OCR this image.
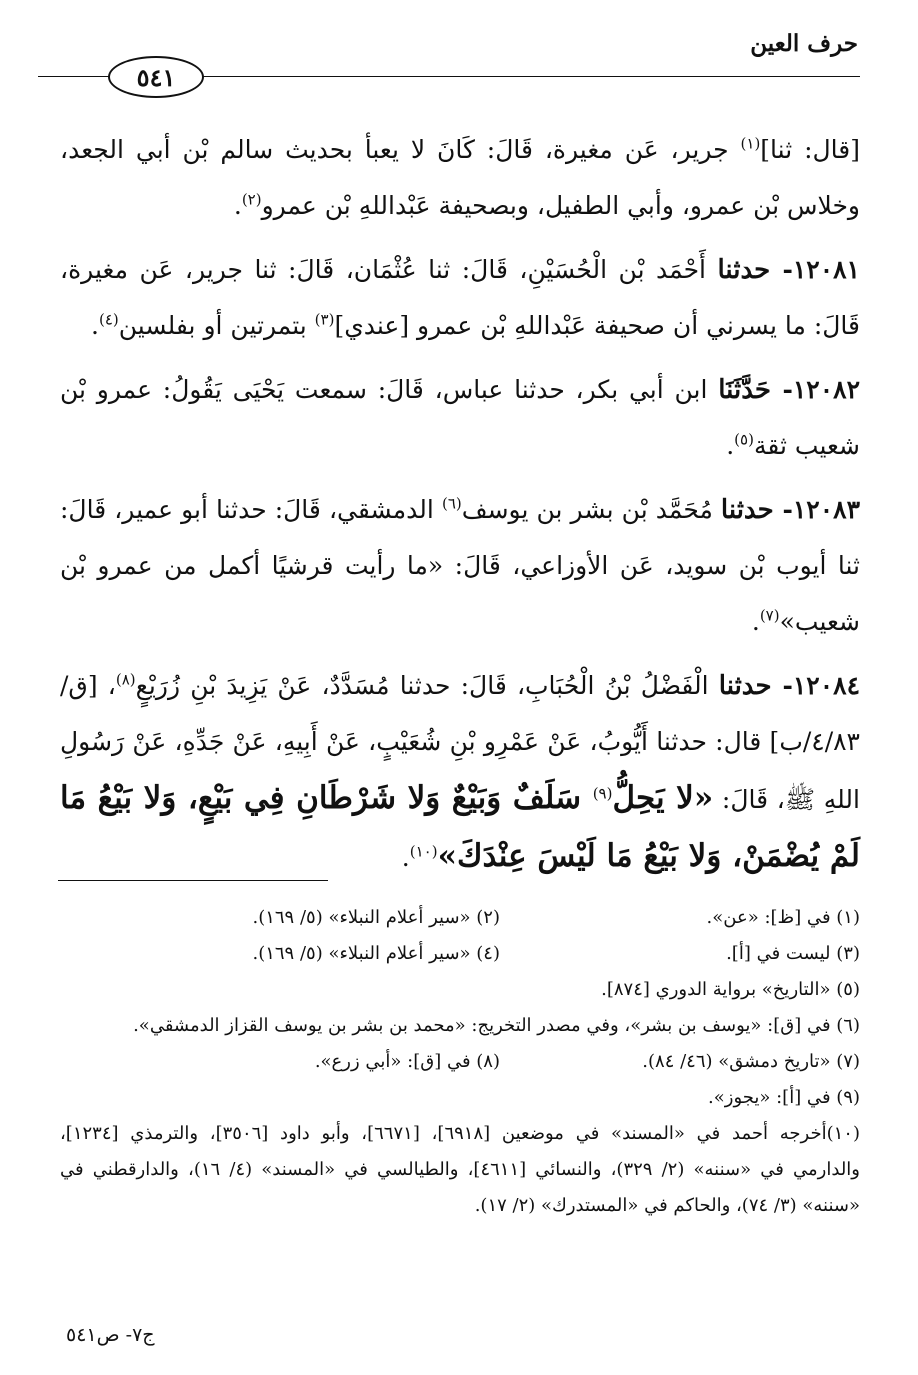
حرف العين
٥٤١

[قال: ثنا]$^{(١)}$ جرير، عَن مغيرة، قَالَ: كَانَ لا يعبأ بحديث سالم بْن أبي الجعد، وخلاس بْن عمرو، وأبي الطفيل، وبصحيفة عَبْداللهِ بْن عمرو$^{(٢)}$.

١٢٠٨١- حدثنا أَحْمَد بْن الْحُسَيْنِ، قَالَ: ثنا عُثْمَان، قَالَ: ثنا جرير، عَن مغيرة، قَالَ: ما يسرني أن صحيفة عَبْداللهِ بْن عمرو [عندي]$^{(٣)}$ بتمرتين أو بفلسين$^{(٤)}$.

١٢٠٨٢- حَدَّثَنَا ابن أبي بكر، حدثنا عباس، قَالَ: سمعت يَحْيَى يَقُولُ: عمرو بْن شعيب ثقة$^{(٥)}$.

١٢٠٨٣- حدثنا مُحَمَّد بْن بشر بن يوسف$^{(٦)}$ الدمشقي، قَالَ: حدثنا أبو عمير، قَالَ: ثنا أيوب بْن سويد، عَن الأوزاعي، قَالَ: «ما رأيت قرشيًا أكمل من عمرو بْن شعيب»$^{(٧)}$.

١٢٠٨٤- حدثنا الْفَضْلُ بْنُ الْحُبَابِ، قَالَ: حدثنا مُسَدَّدٌ، عَنْ يَزِيدَ بْنِ زُرَيْعٍ$^{(٨)}$، [ق/٤/٨٣/ب] قال: حدثنا أَيُّوبُ، عَنْ عَمْرِو بْنِ شُعَيْبٍ، عَنْ أَبِيهِ، عَنْ جَدِّهِ، عَنْ رَسُولِ اللهِ ﷺ، قَالَ: «لا يَحِلُّ$^{(٩)}$ سَلَفٌ وَبَيْعٌ وَلا شَرْطَانِ فِي بَيْعٍ، وَلا بَيْعُ مَا لَمْ يُضْمَنْ، وَلا بَيْعُ مَا لَيْسَ عِنْدَكَ»$^{(١٠)}$.

(١) في [ظ]: «عن».
(٢) «سير أعلام النبلاء» (٥/ ١٦٩).
(٣) ليست في [أ].
(٤) «سير أعلام النبلاء» (٥/ ١٦٩).
(٥) «التاريخ» برواية الدوري [٨٧٤].
(٦) في [ق]: «يوسف بن بشر»، وفي مصدر التخريج: «محمد بن بشر بن يوسف القزاز الدمشقي».
(٧) «تاريخ دمشق» (٤٦/ ٨٤).
(٨) في [ق]: «أبي زرع».
(٩) في [أ]: «يجوز».
(١٠)أخرجه أحمد في «المسند» في موضعين [٦٩١٨]، [٦٦٧١]، وأبو داود [٣٥٠٦]، والترمذي [١٢٣٤]، والدارمي في «سننه» (٢/ ٣٢٩)، والنسائي [٤٦١١]، والطيالسي في «المسند» (٤/ ١٦)، والدارقطني في «سننه» (٣/ ٧٤)، والحاكم في «المستدرك» (٢/ ١٧).
ج٧- ص٥٤١
